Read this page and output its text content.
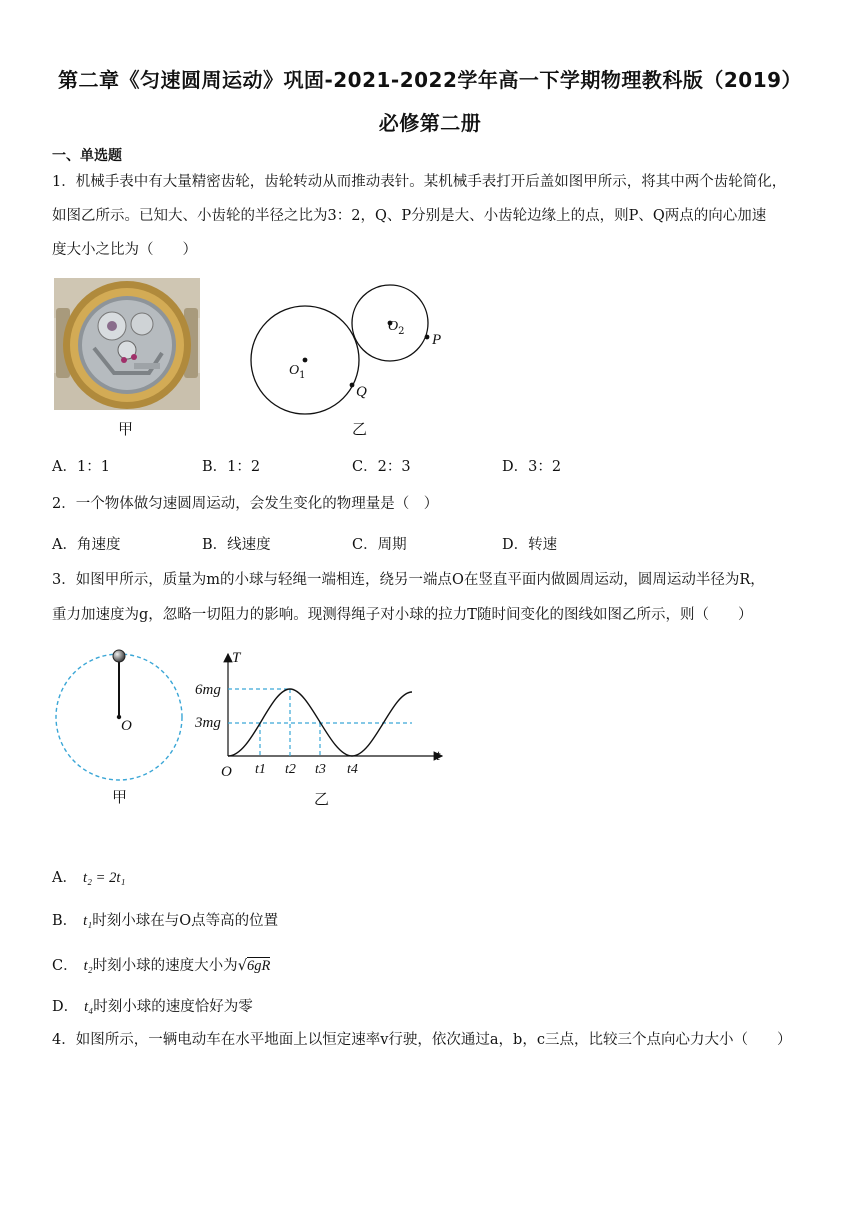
第二章《匀速圆周运动》巩固-2021-2022学年高一下学期物理教科版（2019）
必修第二册
一、单选题
1．机械手表中有大量精密齿轮，齿轮转动从而推动表针。某机械手表打开后盖如图甲所示，将其中两个齿轮简化，
如图乙所示。已知大、小齿轮的半径之比为3：2，Q、P分别是大、小齿轮边缘上的点，则P、Q两点的向心加速
度大小之比为（　　）
甲
$O_1$
$O_2$
P
Q
乙
A．1：1	B．1：2	C．2：3	D．3：2
2．一个物体做匀速圆周运动，会发生变化的物理量是（　）
A．角速度	B．线速度	C．周期	D．转速
3．如图甲所示，质量为m的小球与轻绳一端相连，绕另一端点O在竖直平面内做圆周运动，圆周运动半径为R，
重力加速度为g，忽略一切阻力的影响。现测得绳子对小球的拉力T随时间变化的图线如图乙所示，则（　　）
O
甲
T
t
O
6mg
3mg
t1 t2 t3 t4
乙
A． t₂ = 2t₁
B． t₁时刻小球在与O点等高的位置
C． t₂时刻小球的速度大小为√6gR
D． t₄时刻小球的速度恰好为零
4．如图所示，一辆电动车在水平地面上以恒定速率v行驶，依次通过a，b，c三点，比较三个点向心力大小（　　）
